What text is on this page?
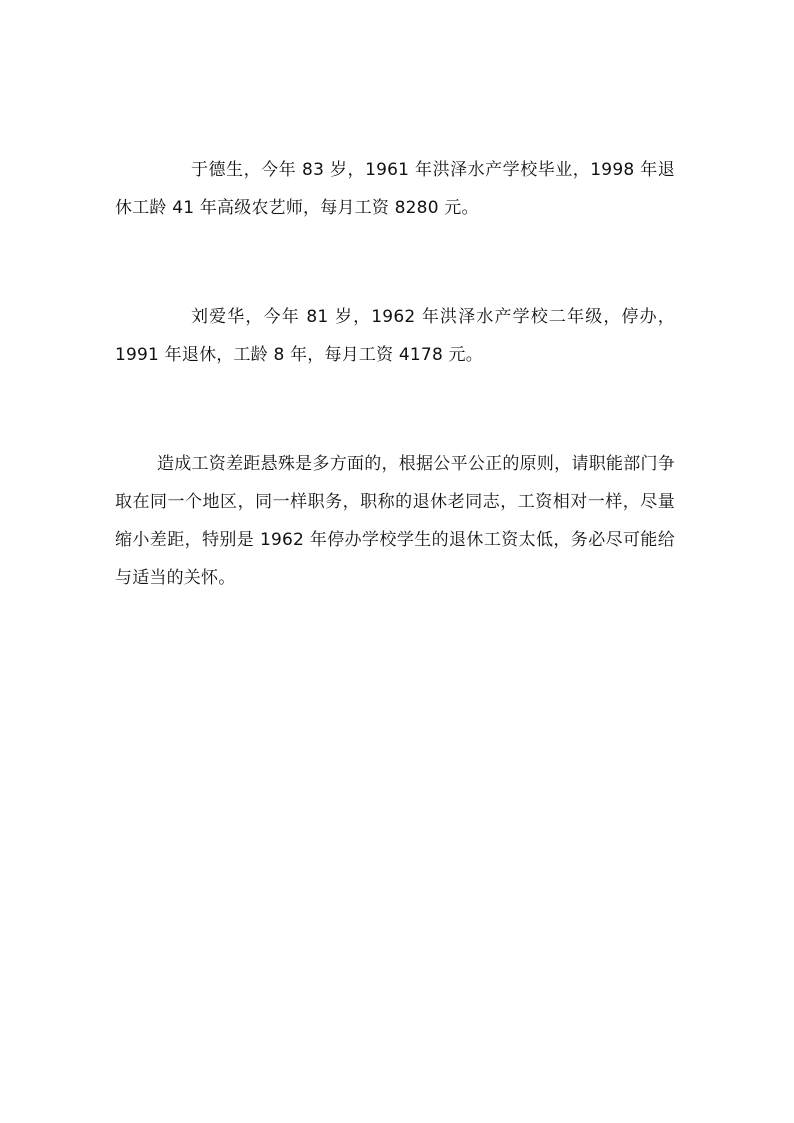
于德生，今年 83 岁，1961 年洪泽水产学校毕业，1998 年退休工龄 41 年高级农艺师，每月工资 8280 元。

刘爱华，今年 81 岁，1962 年洪泽水产学校二年级，停办，1991 年退休，工龄 8 年，每月工资 4178 元。

造成工资差距悬殊是多方面的，根据公平公正的原则，请职能部门争取在同一个地区，同一样职务，职称的退休老同志，工资相对一样，尽量缩小差距，特别是 1962 年停办学校学生的退休工资太低，务必尽可能给与适当的关怀。
